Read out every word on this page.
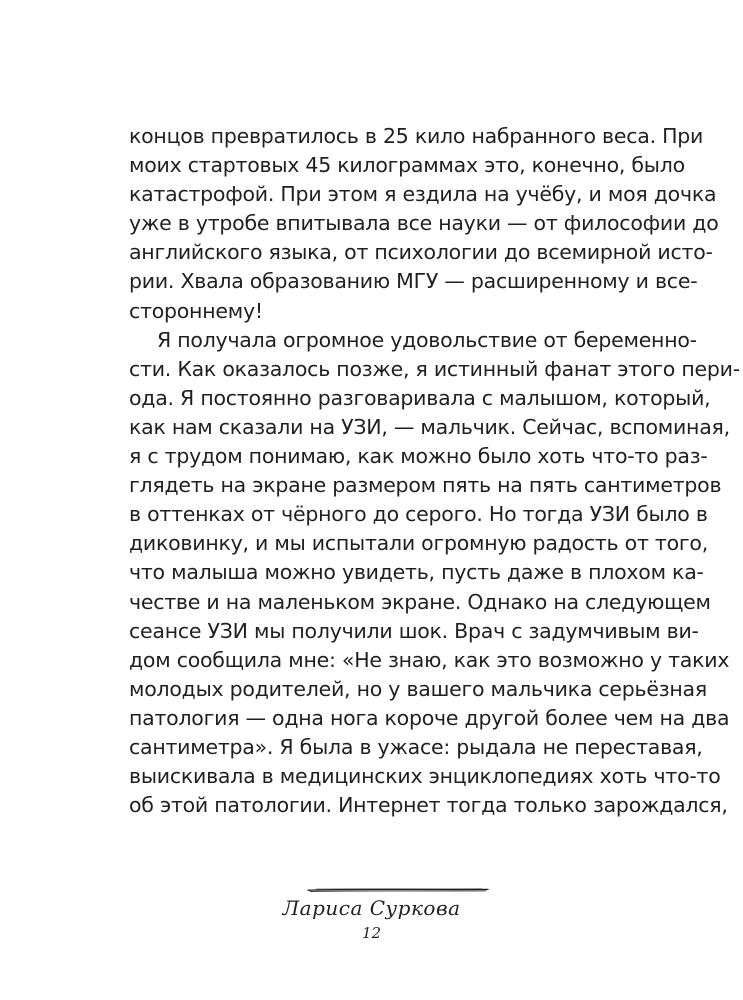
концов превратилось в 25 кило набранного веса. При
моих стартовых 45 килограммах это, конечно, было
катастрофой. При этом я ездила на учёбу, и моя дочка
уже в утробе впитывала все науки — от философии до
английского языка, от психологии до всемирной исто-
рии. Хвала образованию МГУ — расширенному и все-
стороннему!
Я получала огромное удовольствие от беременно-
сти. Как оказалось позже, я истинный фанат этого пери-
ода. Я постоянно разговаривала с малышом, который,
как нам сказали на УЗИ, — мальчик. Сейчас, вспоминая,
я с трудом понимаю, как можно было хоть что-то раз-
глядеть на экране размером пять на пять сантиметров
в оттенках от чёрного до серого. Но тогда УЗИ было в
диковинку, и мы испытали огромную радость от того,
что малыша можно увидеть, пусть даже в плохом ка-
честве и на маленьком экране. Однако на следующем
сеансе УЗИ мы получили шок. Врач с задумчивым ви-
дом сообщила мне: «Не знаю, как это возможно у таких
молодых родителей, но у вашего мальчика серьёзная
патология — одна нога короче другой более чем на два
сантиметра». Я была в ужасе: рыдала не переставая,
выискивала в медицинских энциклопедиях хоть что-то
об этой патологии. Интернет тогда только зарождался,
Лариса Суркова
12
